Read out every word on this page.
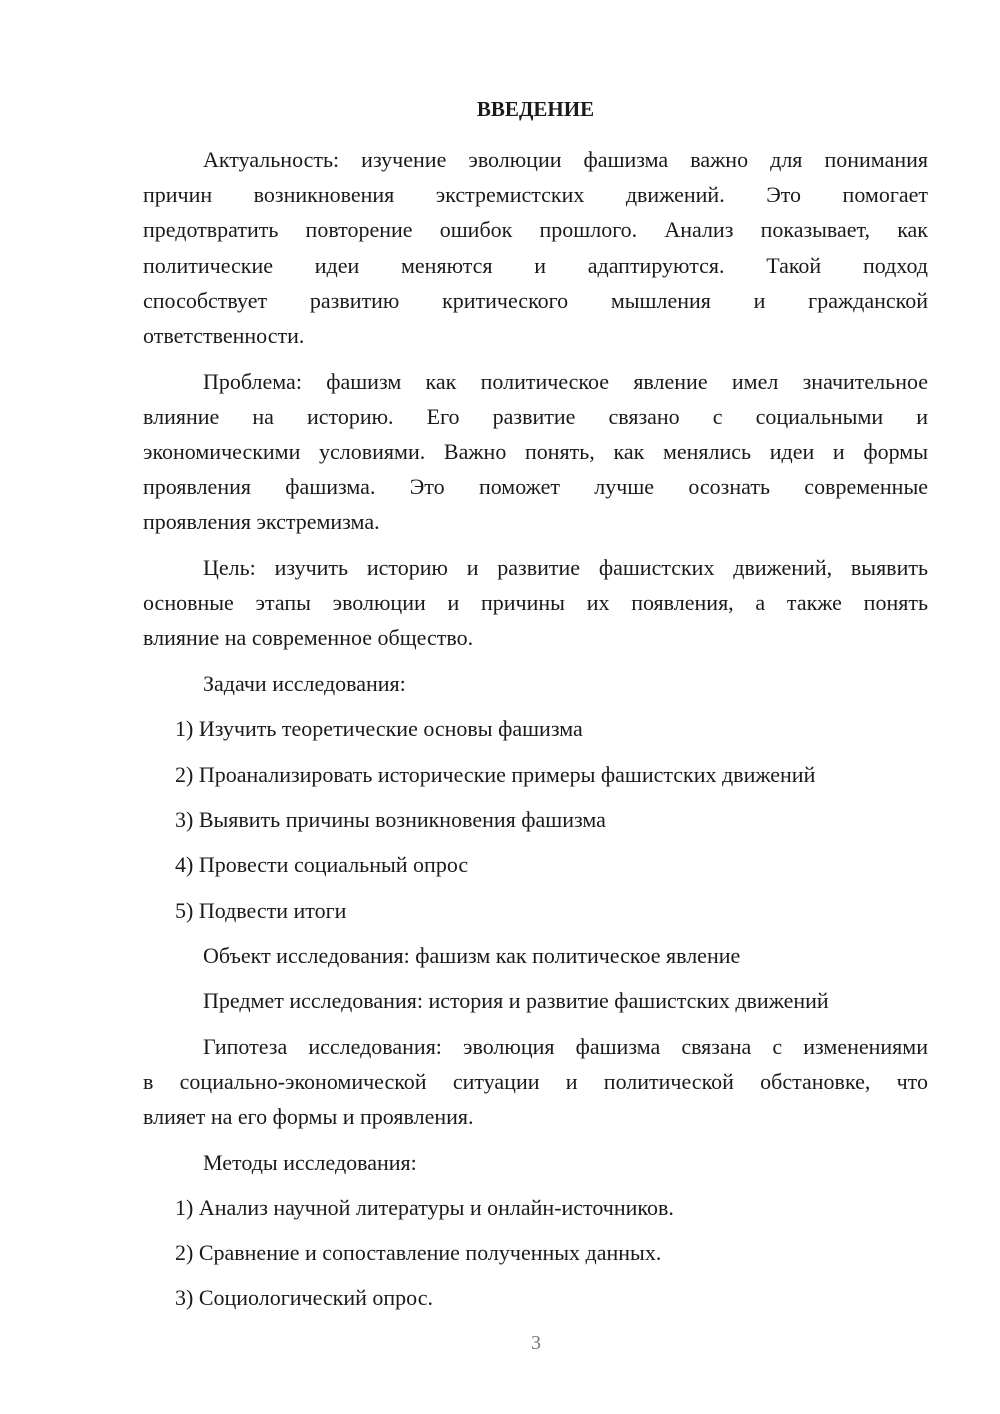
ВВЕДЕНИЕ
Актуальность: изучение эволюции фашизма важно для понимания
причин возникновения экстремистских движений. Это помогает
предотвратить повторение ошибок прошлого. Анализ показывает, как
политические идеи меняются и адаптируются. Такой подход
способствует развитию критического мышления и гражданской
ответственности.
Проблема: фашизм как политическое явление имел значительное
влияние на историю. Его развитие связано с социальными и
экономическими условиями. Важно понять, как менялись идеи и формы
проявления фашизма. Это поможет лучше осознать современные
проявления экстремизма.
Цель: изучить историю и развитие фашистских движений, выявить
основные этапы эволюции и причины их появления, а также понять
влияние на современное общество.
Задачи исследования:
1) Изучить теоретические основы фашизма
2) Проанализировать исторические примеры фашистских движений
3) Выявить причины возникновения фашизма
4) Провести социальный опрос
5) Подвести итоги
Объект исследования: фашизм как политическое явление
Предмет исследования: история и развитие фашистских движений
Гипотеза исследования: эволюция фашизма связана с изменениями
в социально-экономической ситуации и политической обстановке, что
влияет на его формы и проявления.
Методы исследования:
1) Анализ научной литературы и онлайн-источников.
2) Сравнение и сопоставление полученных данных.
3) Социологический опрос.
3
